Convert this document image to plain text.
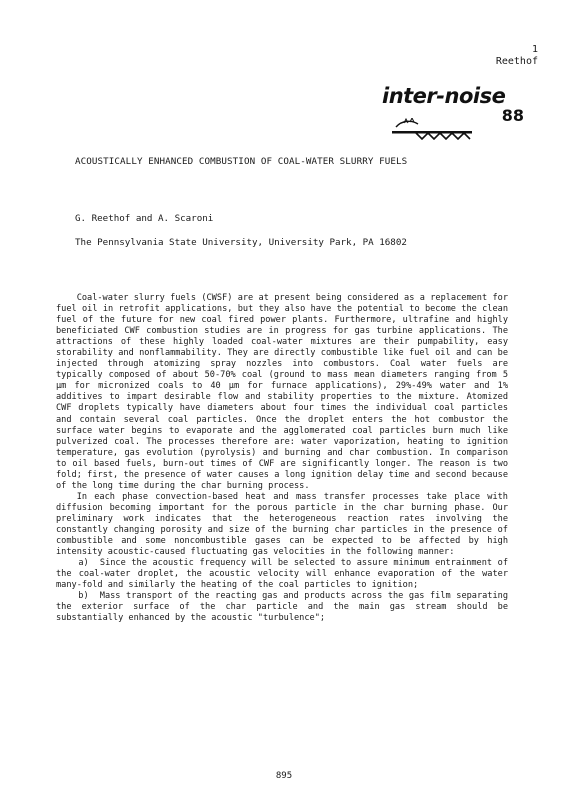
1
Reethof
inter-noise
88
ACOUSTICALLY ENHANCED COMBUSTION OF COAL-WATER SLURRY FUELS
G. Reethof and A. Scaroni
The Pennsylvania State University, University Park, PA 16802

Coal-water slurry fuels (CWSF) are at present being considered as a replacement for fuel oil in retrofit applications, but they also have the potential to become the clean fuel of the future for new coal fired power plants. Furthermore, ultrafine and highly beneficiated CWF combustion studies are in progress for gas turbine applications. The attractions of these highly loaded coal-water mixtures are their pumpability, easy storability and nonflammability. They are directly combustible like fuel oil and can be injected through atomizing spray nozzles into combustors. Coal water fuels are typically composed of about 50-70% coal (ground to mass mean diameters ranging from 5 µm for micronized coals to 40 µm for furnace applications), 29%-49% water and 1% additives to impart desirable flow and stability properties to the mixture. Atomized CWF droplets typically have diameters about four times the individual coal particles and contain several coal particles. Once the droplet enters the hot combustor the surface water begins to evaporate and the agglomerated coal particles burn much like pulverized coal. The processes therefore are: water vaporization, heating to ignition temperature, gas evolution (pyrolysis) and burning and char combustion. In comparison to oil based fuels, burn-out times of CWF are significantly longer. The reason is two fold; first, the presence of water causes a long ignition delay time and second because of the long time during the char burning process.

In each phase convection-based heat and mass transfer processes take place with diffusion becoming important for the porous particle in the char burning phase. Our preliminary work indicates that the heterogeneous reaction rates involving the constantly changing porosity and size of the burning char particles in the presence of combustible and some noncombustible gases can be expected to be affected by high intensity acoustic-caused fluctuating gas velocities in the following manner:

a) Since the acoustic frequency will be selected to assure minimum entrainment of the coal-water droplet, the acoustic velocity will enhance evaporation of the water many-fold and similarly the heating of the coal particles to ignition;

b) Mass transport of the reacting gas and products across the gas film separating the exterior surface of the char particle and the main gas stream should be substantially enhanced by the acoustic "turbulence";

895
